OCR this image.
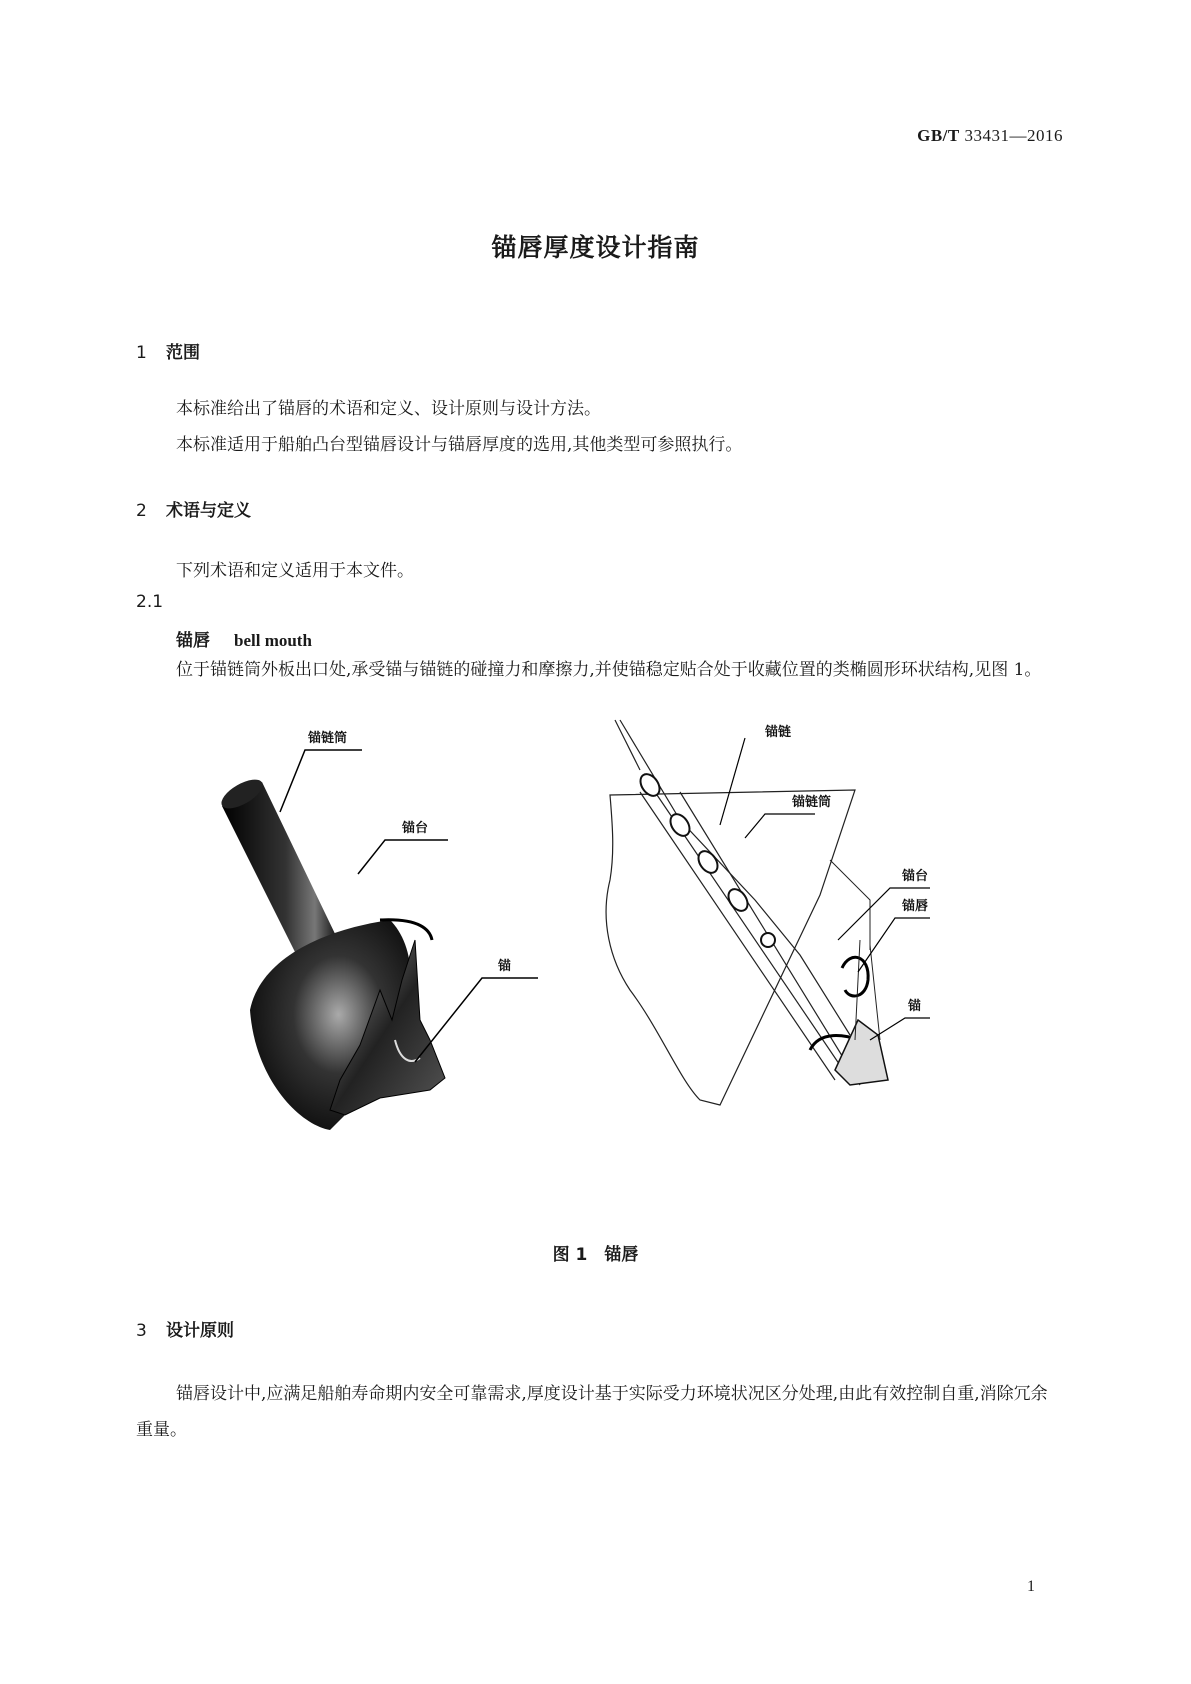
GB/T 33431—2016
锚唇厚度设计指南
1 范围
本标准给出了锚唇的术语和定义、设计原则与设计方法。
本标准适用于船舶凸台型锚唇设计与锚唇厚度的选用,其他类型可参照执行。
2 术语与定义
下列术语和定义适用于本文件。
2.1
锚唇 bell mouth
位于锚链筒外板出口处,承受锚与锚链的碰撞力和摩擦力,并使锚稳定贴合处于收藏位置的类椭圆形环状结构,见图 1。
锚链筒
锚台
锚
锚链
锚链筒
锚台
锚唇
锚
图 1　锚唇
3 设计原则
锚唇设计中,应满足船舶寿命期内安全可靠需求,厚度设计基于实际受力环境状况区分处理,由此有效控制自重,消除冗余重量。
1
